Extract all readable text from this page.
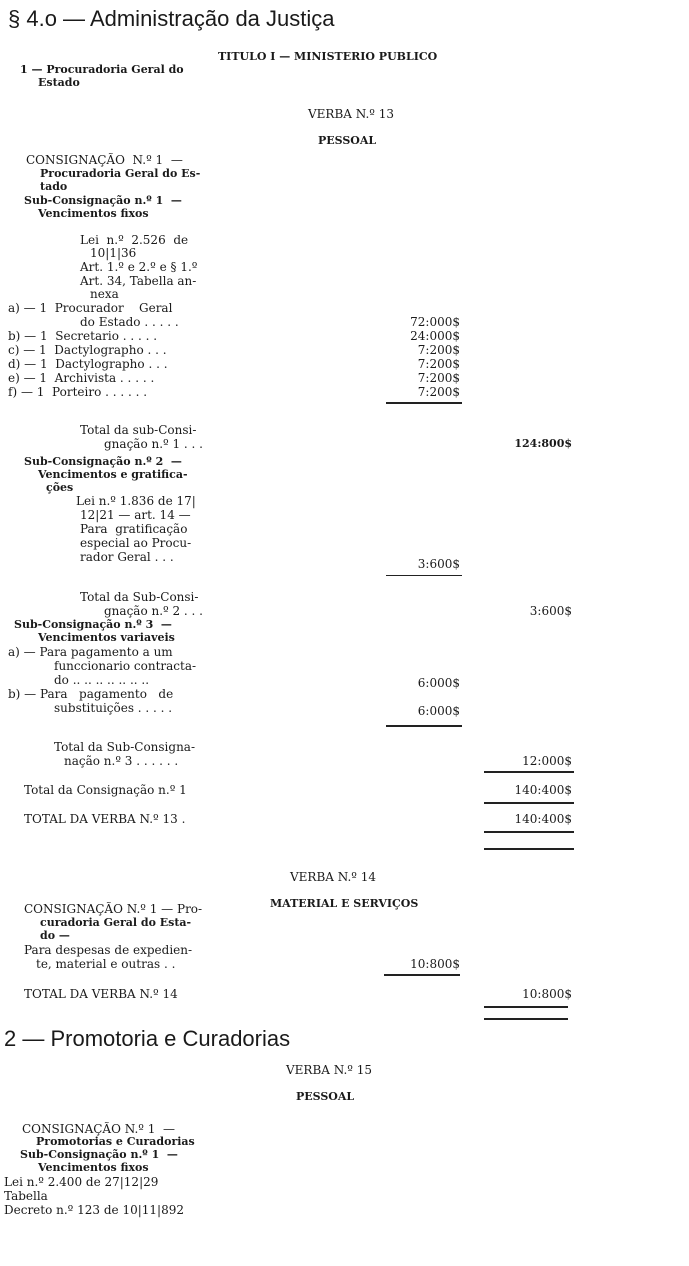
§ 4.o — Administração da Justiça
TITULO I — MINISTERIO PUBLICO
1 — Procuradoria Geral do
Estado
VERBA N.º 13
PESSOAL
CONSIGNAÇÃO  N.º 1  —
Procuradoria Geral do Es-
tado
Sub-Consignação n.º 1  —
Vencimentos fixos
Lei  n.º  2.526  de
10|1|36
Art. 1.º e 2.º e § 1.º
Art. 34, Tabella an-
nexa
a) — 1  Procurador    Geral
do Estado . . . . .	72:000$
b) — 1  Secretario . . . . .	24:000$
c) — 1  Dactylographo . . .	7:200$
d) — 1  Dactylographo . . .	7:200$
e) — 1  Archivista . . . . .	7:200$
f) — 1  Porteiro . . . . . .	7:200$
Total da sub-Consi-
gnação n.º 1 . . .	124:800$
Sub-Consignação n.º 2  —
Vencimentos e gratifica-
ções
Lei n.º 1.836 de 17|
12|21 — art. 14 —
Para  gratificação
especial ao Procu-
rador Geral . . .	3:600$
Total da Sub-Consi-
gnação n.º 2 . . .	3:600$
Sub-Consignação n.º 3  —
Vencimentos variaveis
a) — Para pagamento a um
funccionario contracta-
do .. .. .. .. .. .. ..	6:000$
b) — Para   pagamento   de
substituições . . . . .	6:000$
Total da Sub-Consigna-
nação n.º 3 . . . . . .	12:000$
Total da Consignação n.º 1	140:400$
TOTAL DA VERBA N.º 13 .	140:400$
VERBA N.º 14
MATERIAL E SERVIÇOS
CONSIGNAÇÃO N.º 1 — Pro-
curadoria Geral do Esta-
do —
Para despesas de expedien-
te, material e outras . .	10:800$
TOTAL DA VERBA N.º 14	10:800$
2 — Promotoria e Curadorias
VERBA N.º 15
PESSOAL
CONSIGNAÇÃO N.º 1  —
Promotorias e Curadorias
Sub-Consignação n.º 1  —
Vencimentos fixos
Lei n.º 2.400 de 27|12|29
Tabella
Decreto n.º 123 de 10|11|892
